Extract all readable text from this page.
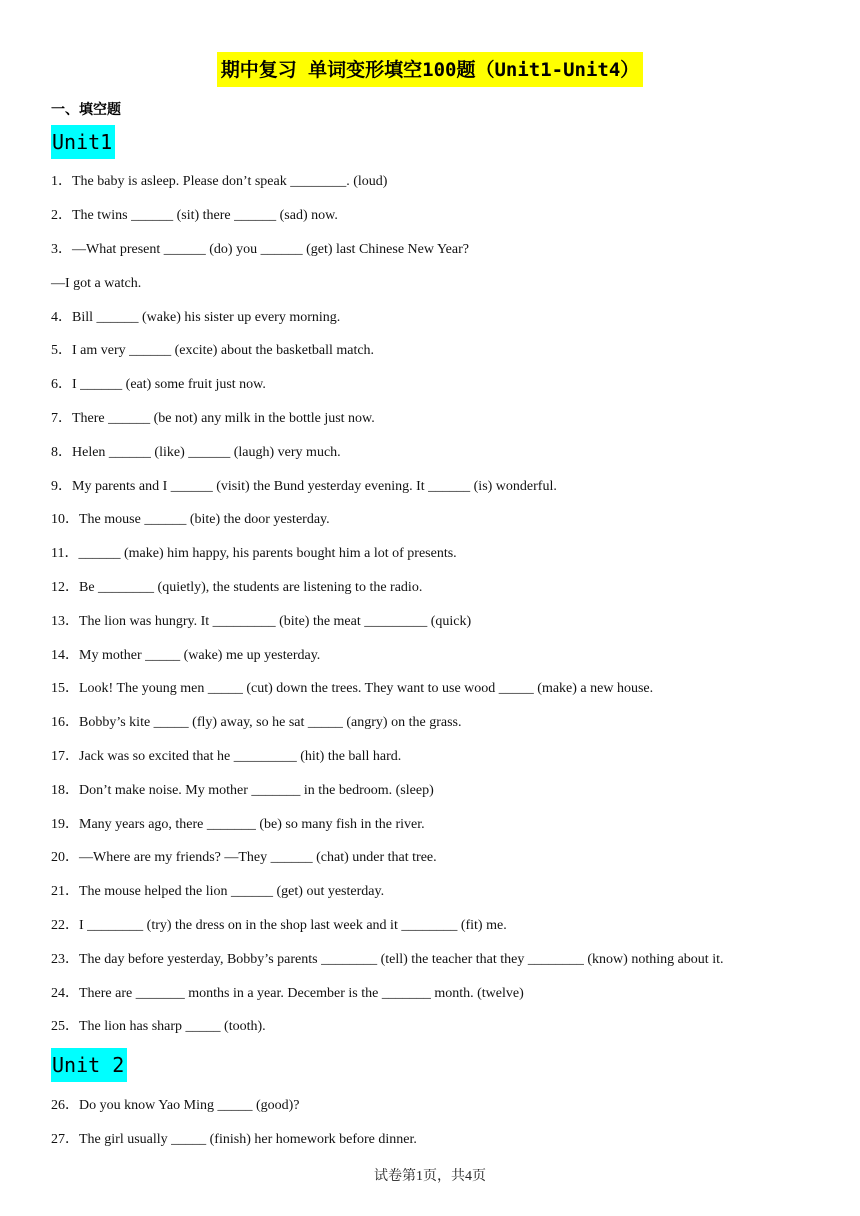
期中复习 单词变形填空100题（Unit1-Unit4）
一、填空题
Unit1
1．The baby is asleep. Please don’t speak ________. (loud)
2．The twins ______ (sit) there ______ (sad) now.
3．—What present ______ (do) you ______ (get) last Chinese New Year?
—I got a watch.
4．Bill ______ (wake) his sister up every morning.
5．I am very ______ (excite) about the basketball match.
6．I ______ (eat) some fruit just now.
7．There ______ (be not) any milk in the bottle just now.
8．Helen ______ (like) ______ (laugh) very much.
9．My parents and I ______ (visit) the Bund yesterday evening. It ______ (is) wonderful.
10．The mouse ______ (bite) the door yesterday.
11．______ (make) him happy, his parents bought him a lot of presents.
12．Be ________ (quietly), the students are listening to the radio.
13．The lion was hungry. It _________ (bite) the meat _________ (quick)
14．My mother _____ (wake) me up yesterday.
15．Look! The young men _____ (cut) down the trees. They want to use wood _____ (make) a new house.
16．Bobby’s kite _____ (fly) away, so he sat _____ (angry) on the grass.
17．Jack was so excited that he _________ (hit) the ball hard.
18．Don’t make noise. My mother _______ in the bedroom. (sleep)
19．Many years ago, there _______ (be) so many fish in the river.
20．—Where are my friends? —They ______ (chat) under that tree.
21．The mouse helped the lion ______ (get) out yesterday.
22．I ________ (try) the dress on in the shop last week and it ________ (fit) me.
23．The day before yesterday, Bobby’s parents ________ (tell) the teacher that they ________ (know) nothing about it.
24．There are _______ months in a year. December is the _______ month. (twelve)
25．The lion has sharp _____ (tooth).
Unit 2
26．Do you know Yao Ming _____ (good)?
27．The girl usually _____ (finish) her homework before dinner.
试卷第1页，共4页
